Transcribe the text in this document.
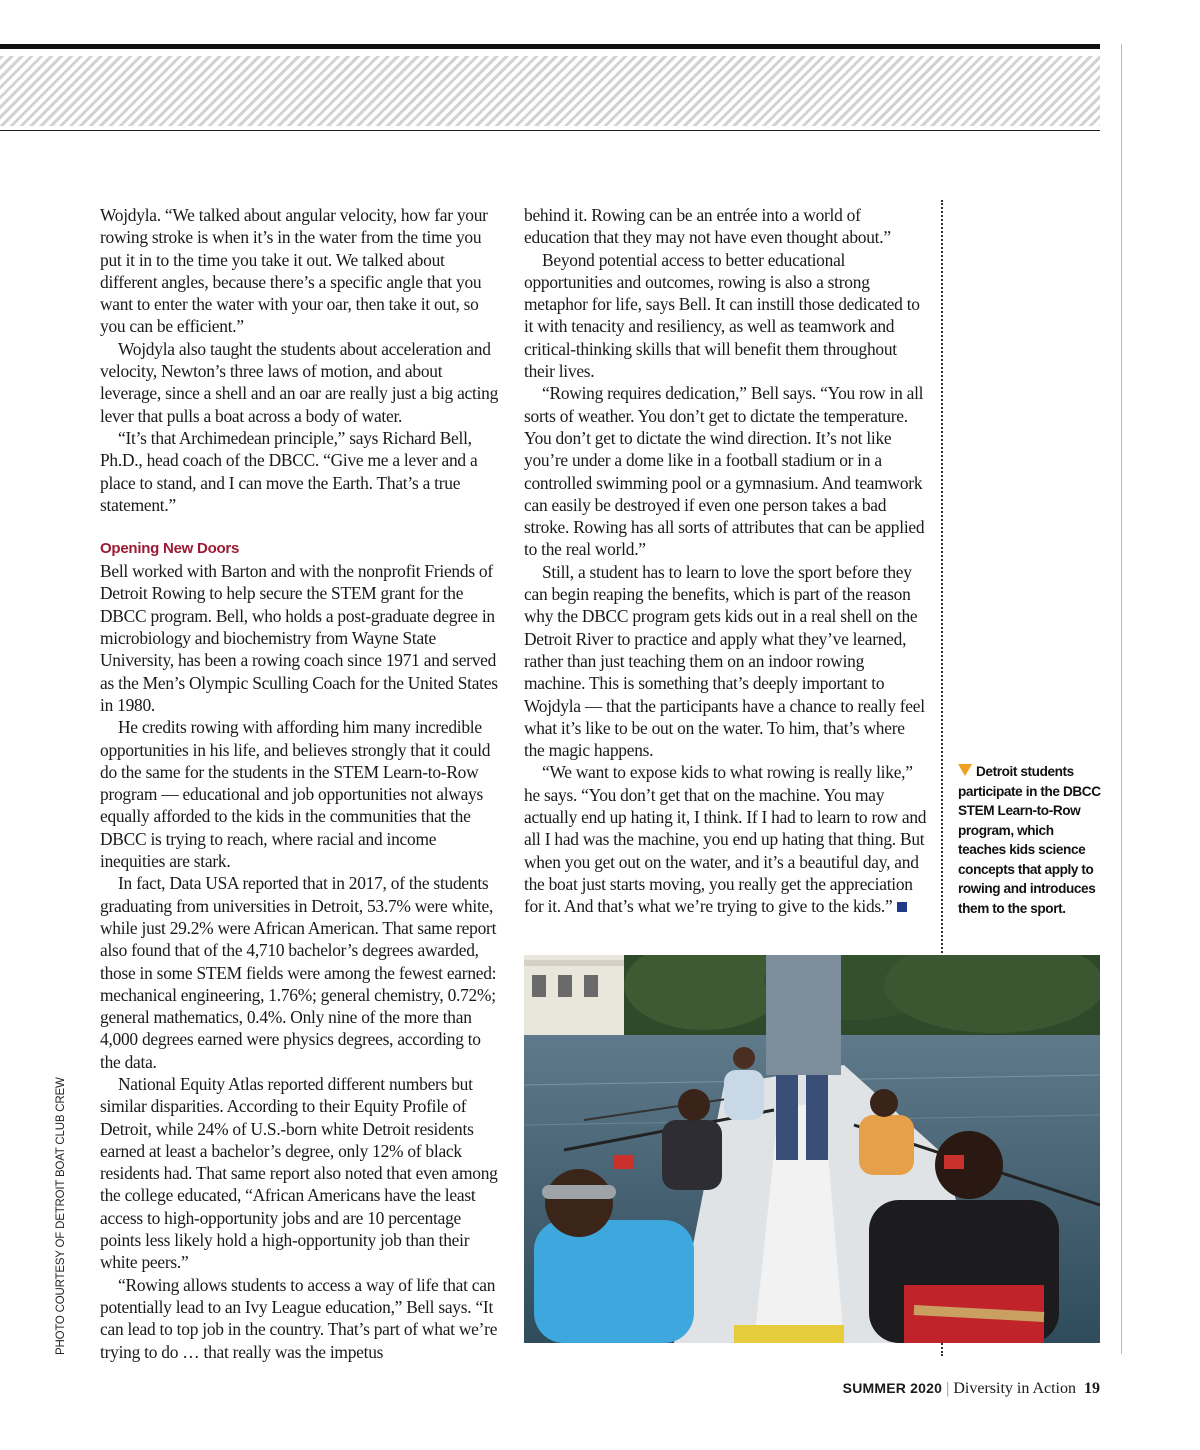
Wojdyla. “We talked about angular velocity, how far your rowing stroke is when it’s in the water from the time you put it in to the time you take it out. We talked about different angles, because there’s a specific angle that you want to enter the water with your oar, then take it out, so you can be efficient.”

Wojdyla also taught the students about acceleration and velocity, Newton’s three laws of motion, and about leverage, since a shell and an oar are really just a big acting lever that pulls a boat across a body of water.

“It’s that Archimedean principle,” says Richard Bell, Ph.D., head coach of the DBCC. “Give me a lever and a place to stand, and I can move the Earth. That’s a true statement.”

Opening New Doors

Bell worked with Barton and with the nonprofit Friends of Detroit Rowing to help secure the STEM grant for the DBCC program. Bell, who holds a post-graduate degree in microbiology and biochemistry from Wayne State University, has been a rowing coach since 1971 and served as the Men’s Olympic Sculling Coach for the United States in 1980.

He credits rowing with affording him many incredible opportunities in his life, and believes strongly that it could do the same for the students in the STEM Learn-to-Row program — educational and job opportunities not always equally afforded to the kids in the communities that the DBCC is trying to reach, where racial and income inequities are stark.

In fact, Data USA reported that in 2017, of the students graduating from universities in Detroit, 53.7% were white, while just 29.2% were African American. That same report also found that of the 4,710 bachelor’s degrees awarded, those in some STEM fields were among the fewest earned: mechanical engineering, 1.76%; general chemistry, 0.72%; general mathematics, 0.4%. Only nine of the more than 4,000 degrees earned were physics degrees, according to the data.

National Equity Atlas reported different numbers but similar disparities. According to their Equity Profile of Detroit, while 24% of U.S.-born white Detroit residents earned at least a bachelor’s degree, only 12% of black residents had. That same report also noted that even among the college educated, “African Americans have the least access to high-opportunity jobs and are 10 percentage points less likely hold a high-opportunity job than their white peers.”

“Rowing allows students to access a way of life that can potentially lead to an Ivy League education,” Bell says. “It can lead to top job in the country. That’s part of what we’re trying to do … that really was the impetus

behind it. Rowing can be an entrée into a world of education that they may not have even thought about.”

Beyond potential access to better educational opportunities and outcomes, rowing is also a strong metaphor for life, says Bell. It can instill those dedicated to it with tenacity and resiliency, as well as teamwork and critical-thinking skills that will benefit them throughout their lives.

“Rowing requires dedication,” Bell says. “You row in all sorts of weather. You don’t get to dictate the temperature. You don’t get to dictate the wind direction. It’s not like you’re under a dome like in a football stadium or in a controlled swimming pool or a gymnasium. And teamwork can easily be destroyed if even one person takes a bad stroke. Rowing has all sorts of attributes that can be applied to the real world.”

Still, a student has to learn to love the sport before they can begin reaping the benefits, which is part of the reason why the DBCC program gets kids out in a real shell on the Detroit River to practice and apply what they’ve learned, rather than just teaching them on an indoor rowing machine. This is something that’s deeply important to Wojdyla — that the participants have a chance to really feel what it’s like to be out on the water. To him, that’s where the magic happens.

“We want to expose kids to what rowing is really like,” he says. “You don’t get that on the machine. You may actually end up hating it, I think. If I had to learn to row and all I had was the machine, you end up hating that thing. But when you get out on the water, and it’s a beautiful day, and the boat just starts moving, you really get the appreciation for it. And that’s what we’re trying to give to the kids.”

Detroit students participate in the DBCC STEM Learn-to-Row program, which teaches kids science concepts that apply to rowing and introduces them to the sport.
PHOTO COURTESY OF DETROIT BOAT CLUB CREW
SUMMER 2020 | Diversity in Action 19
